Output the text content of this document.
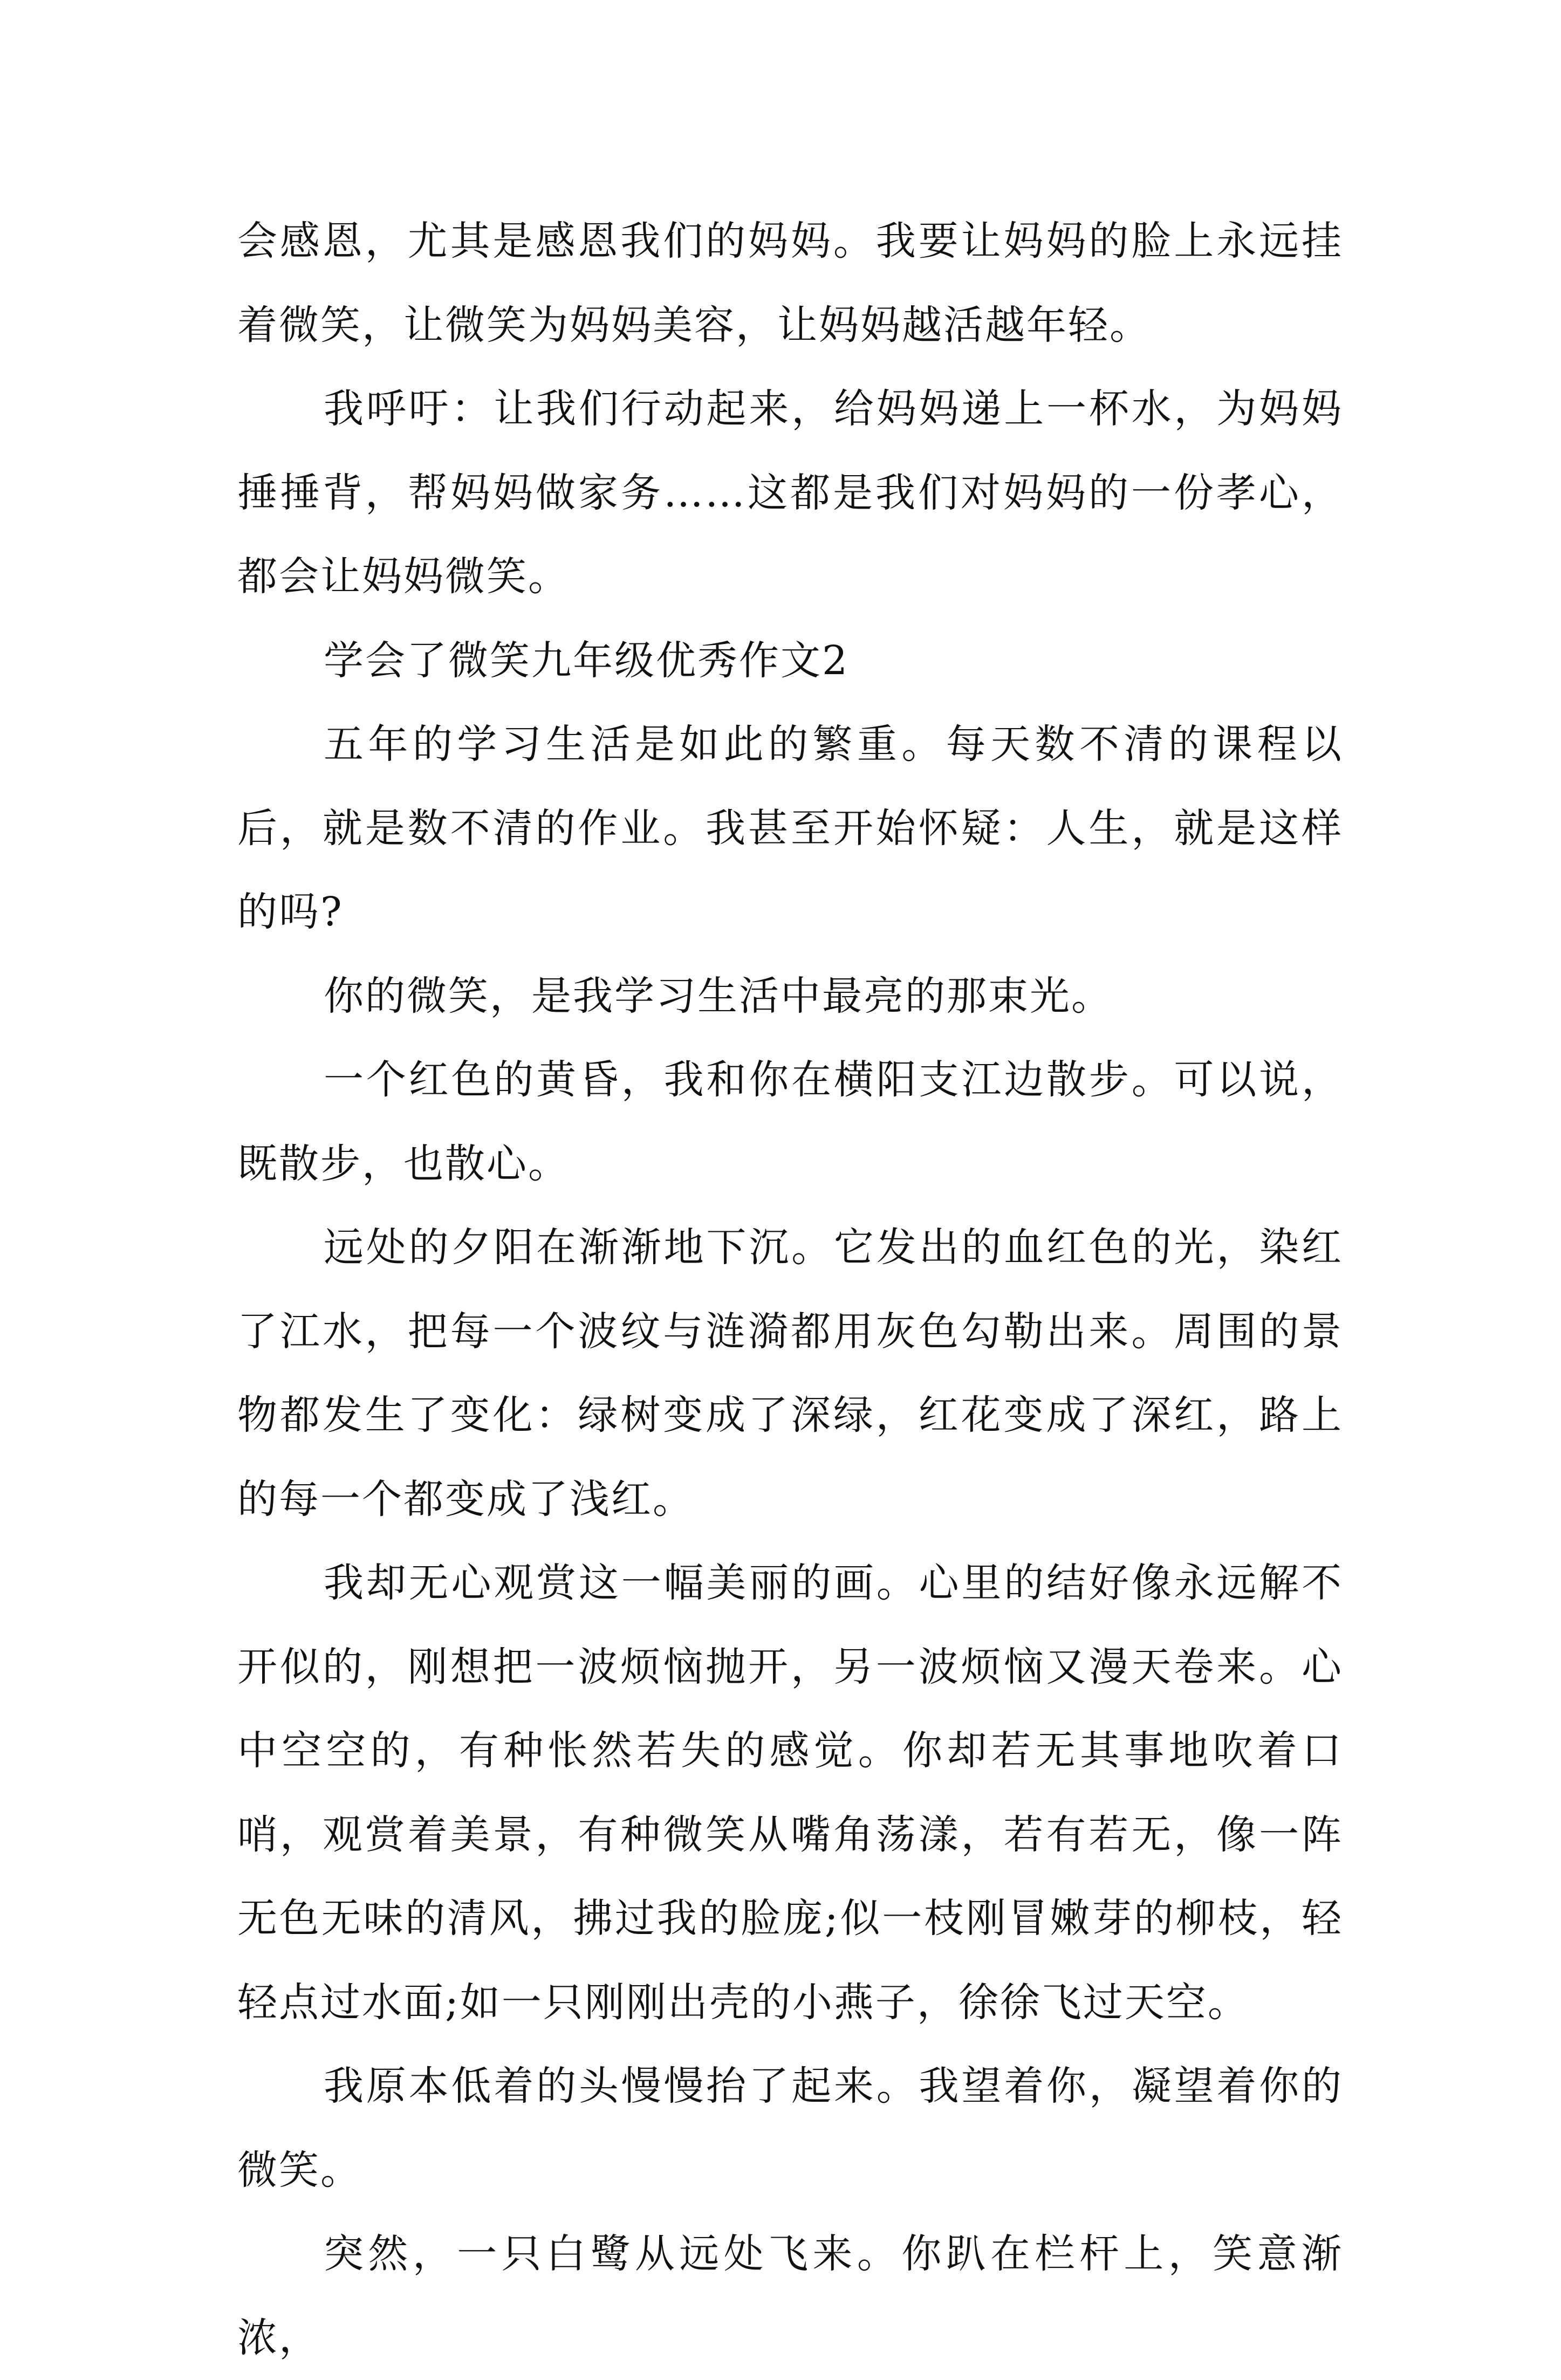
会感恩，尤其是感恩我们的妈妈。我要让妈妈的脸上永远挂着微笑，让微笑为妈妈美容，让妈妈越活越年轻。

我呼吁：让我们行动起来，给妈妈递上一杯水，为妈妈捶捶背，帮妈妈做家务……这都是我们对妈妈的一份孝心，都会让妈妈微笑。

学会了微笑九年级优秀作文2

五年的学习生活是如此的繁重。每天数不清的课程以后，就是数不清的作业。我甚至开始怀疑：人生，就是这样的吗?

你的微笑，是我学习生活中最亮的那束光。

一个红色的黄昏，我和你在横阳支江边散步。可以说，既散步，也散心。

远处的夕阳在渐渐地下沉。它发出的血红色的光，染红了江水，把每一个波纹与涟漪都用灰色勾勒出来。周围的景物都发生了变化：绿树变成了深绿，红花变成了深红，路上的每一个都变成了浅红。

我却无心观赏这一幅美丽的画。心里的结好像永远解不开似的，刚想把一波烦恼抛开，另一波烦恼又漫天卷来。心中空空的，有种怅然若失的感觉。你却若无其事地吹着口哨，观赏着美景，有种微笑从嘴角荡漾，若有若无，像一阵无色无味的清风，拂过我的脸庞;似一枝刚冒嫩芽的柳枝，轻轻点过水面;如一只刚刚出壳的小燕子，徐徐飞过天空。

我原本低着的头慢慢抬了起来。我望着你，凝望着你的微笑。

突然，一只白鹭从远处飞来。你趴在栏杆上，笑意渐浓，
